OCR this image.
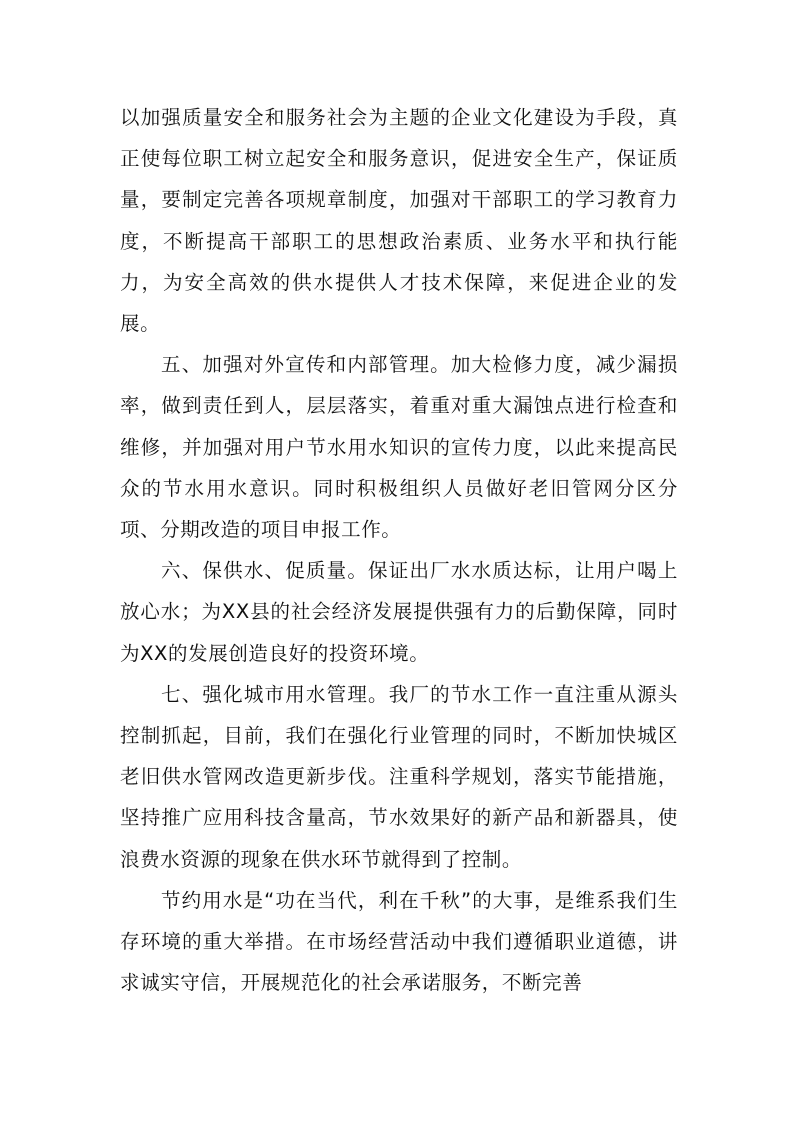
以加强质量安全和服务社会为主题的企业文化建设为手段，真正使每位职工树立起安全和服务意识，促进安全生产，保证质量，要制定完善各项规章制度，加强对干部职工的学习教育力度，不断提高干部职工的思想政治素质、业务水平和执行能力，为安全高效的供水提供人才技术保障，来促进企业的发展。

五、加强对外宣传和内部管理。加大检修力度，减少漏损率，做到责任到人，层层落实，着重对重大漏蚀点进行检查和维修，并加强对用户节水用水知识的宣传力度，以此来提高民众的节水用水意识。同时积极组织人员做好老旧管网分区分项、分期改造的项目申报工作。

六、保供水、促质量。保证出厂水水质达标，让用户喝上放心水；为XX县的社会经济发展提供强有力的后勤保障，同时为XX的发展创造良好的投资环境。

七、强化城市用水管理。我厂的节水工作一直注重从源头控制抓起，目前，我们在强化行业管理的同时，不断加快城区老旧供水管网改造更新步伐。注重科学规划，落实节能措施，坚持推广应用科技含量高，节水效果好的新产品和新器具，使浪费水资源的现象在供水环节就得到了控制。

节约用水是“功在当代，利在千秋”的大事，是维系我们生存环境的重大举措。在市场经营活动中我们遵循职业道德，讲求诚实守信，开展规范化的社会承诺服务，不断完善
